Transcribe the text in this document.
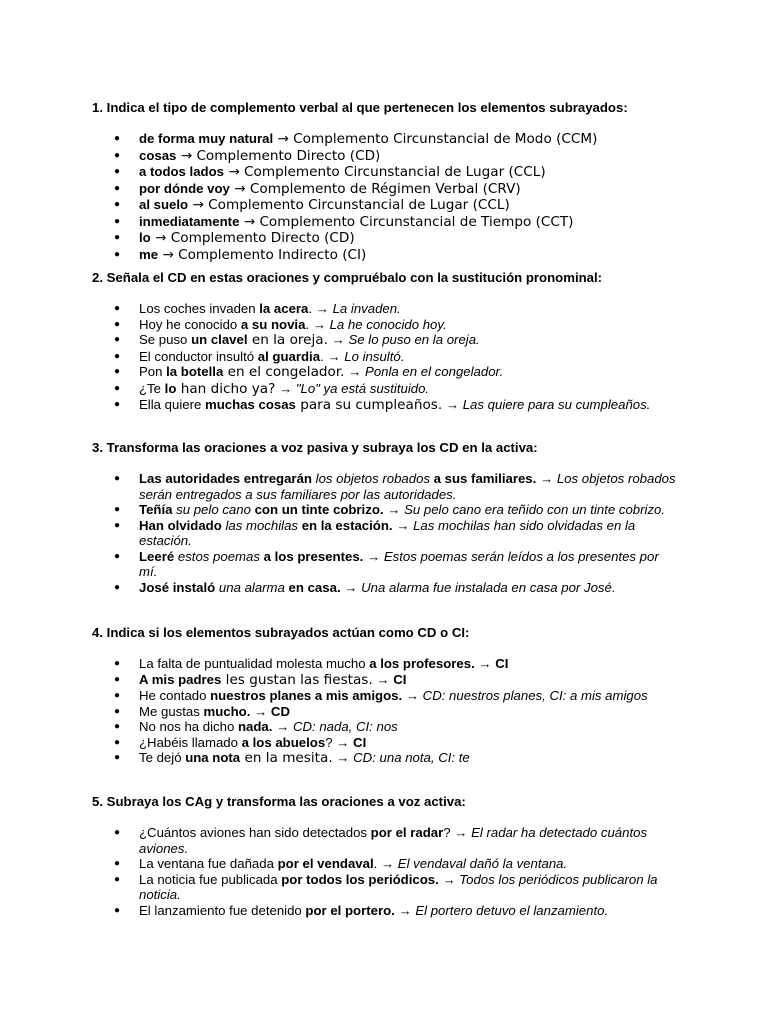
1. Indica el tipo de complemento verbal al que pertenecen los elementos subrayados:
● de forma muy natural → Complemento Circunstancial de Modo (CCM)
● cosas → Complemento Directo (CD)
● a todos lados → Complemento Circunstancial de Lugar (CCL)
● por dónde voy → Complemento de Régimen Verbal (CRV)
● al suelo → Complemento Circunstancial de Lugar (CCL)
● inmediatamente → Complemento Circunstancial de Tiempo (CCT)
● lo → Complemento Directo (CD)
● me → Complemento Indirecto (CI)
2. Señala el CD en estas oraciones y compruébalo con la sustitución pronominal:
● Los coches invaden la acera. → La invaden.
● Hoy he conocido a su novia. → La he conocido hoy.
● Se puso un clavel en la oreja. → Se lo puso en la oreja.
● El conductor insultó al guardia. → Lo insultó.
● Pon la botella en el congelador. → Ponla en el congelador.
● ¿Te lo han dicho ya? → "Lo" ya está sustituido.
● Ella quiere muchas cosas para su cumpleaños. → Las quiere para su cumpleaños.
3. Transforma las oraciones a voz pasiva y subraya los CD en la activa:
● Las autoridades entregarán los objetos robados a sus familiares. → Los objetos robados serán entregados a sus familiares por las autoridades.
● Teñía su pelo cano con un tinte cobrizo. → Su pelo cano era teñido con un tinte cobrizo.
● Han olvidado las mochilas en la estación. → Las mochilas han sido olvidadas en la estación.
● Leeré estos poemas a los presentes. → Estos poemas serán leídos a los presentes por mí.
● José instaló una alarma en casa. → Una alarma fue instalada en casa por José.
4. Indica si los elementos subrayados actúan como CD o CI:
● La falta de puntualidad molesta mucho a los profesores. → CI
● A mis padres les gustan las fiestas. → CI
● He contado nuestros planes a mis amigos. → CD: nuestros planes, CI: a mis amigos
● Me gustas mucho. → CD
● No nos ha dicho nada. → CD: nada, CI: nos
● ¿Habéis llamado a los abuelos? → CI
● Te dejó una nota en la mesita. → CD: una nota, CI: te
5. Subraya los CAg y transforma las oraciones a voz activa:
● ¿Cuántos aviones han sido detectados por el radar? → El radar ha detectado cuántos aviones.
● La ventana fue dañada por el vendaval. → El vendaval dañó la ventana.
● La noticia fue publicada por todos los periódicos. → Todos los periódicos publicaron la noticia.
● El lanzamiento fue detenido por el portero. → El portero detuvo el lanzamiento.
